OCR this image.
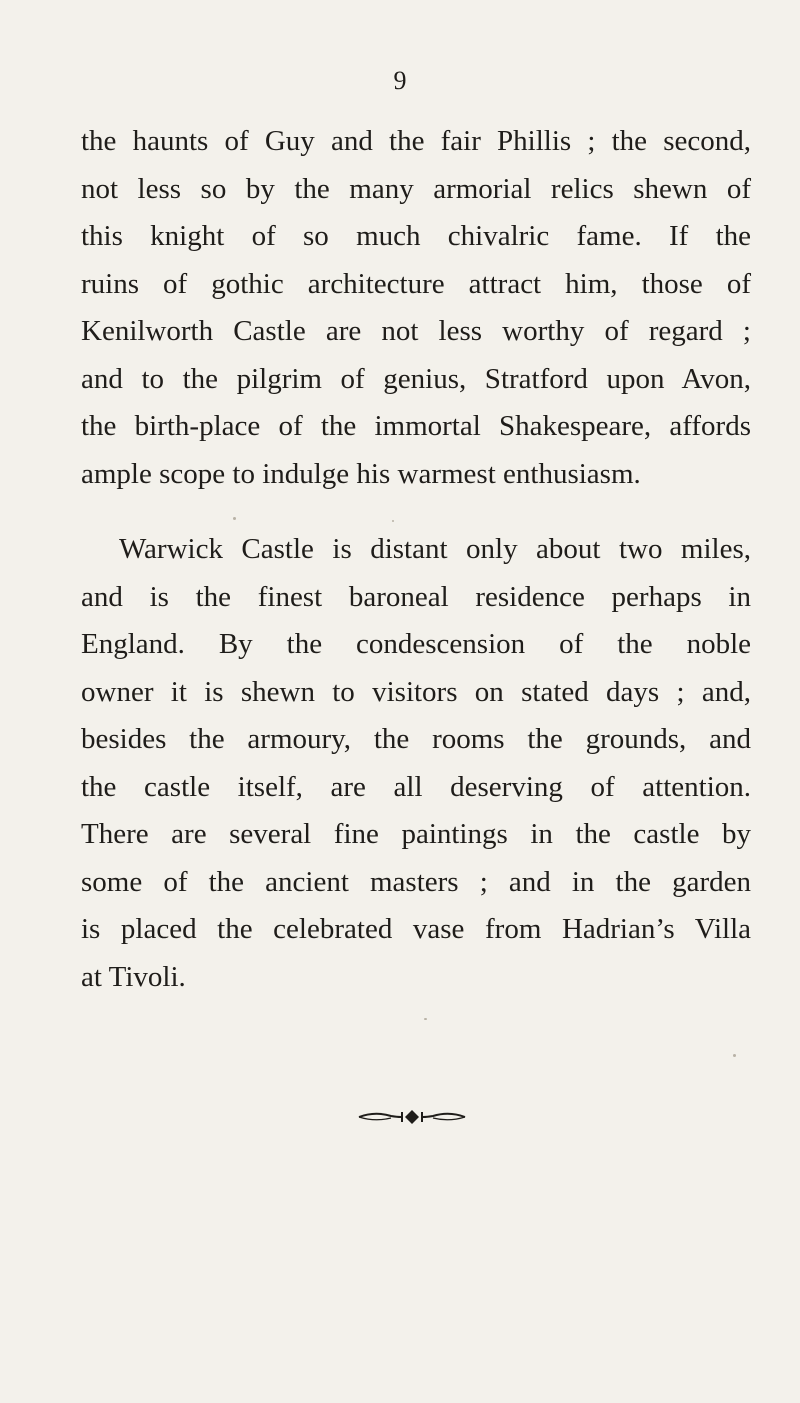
9
the haunts of Guy and the fair Phillis ; the second,
not less so by the many armorial relics shewn of
this knight of so much chivalric fame. If the
ruins of gothic architecture attract him, those of
Kenilworth Castle are not less worthy of regard ;
and to the pilgrim of genius, Stratford upon Avon,
the birth-place of the immortal Shakespeare, affords
ample scope to indulge his warmest enthusiasm.
Warwick Castle is distant only about two miles,
and is the finest baroneal residence perhaps in
England. By the condescension of the noble
owner it is shewn to visitors on stated days ; and,
besides the armoury, the rooms the grounds, and
the castle itself, are all deserving of attention.
There are several fine paintings in the castle by
some of the ancient masters ; and in the garden
is placed the celebrated vase from Hadrian’s Villa
at Tivoli.
